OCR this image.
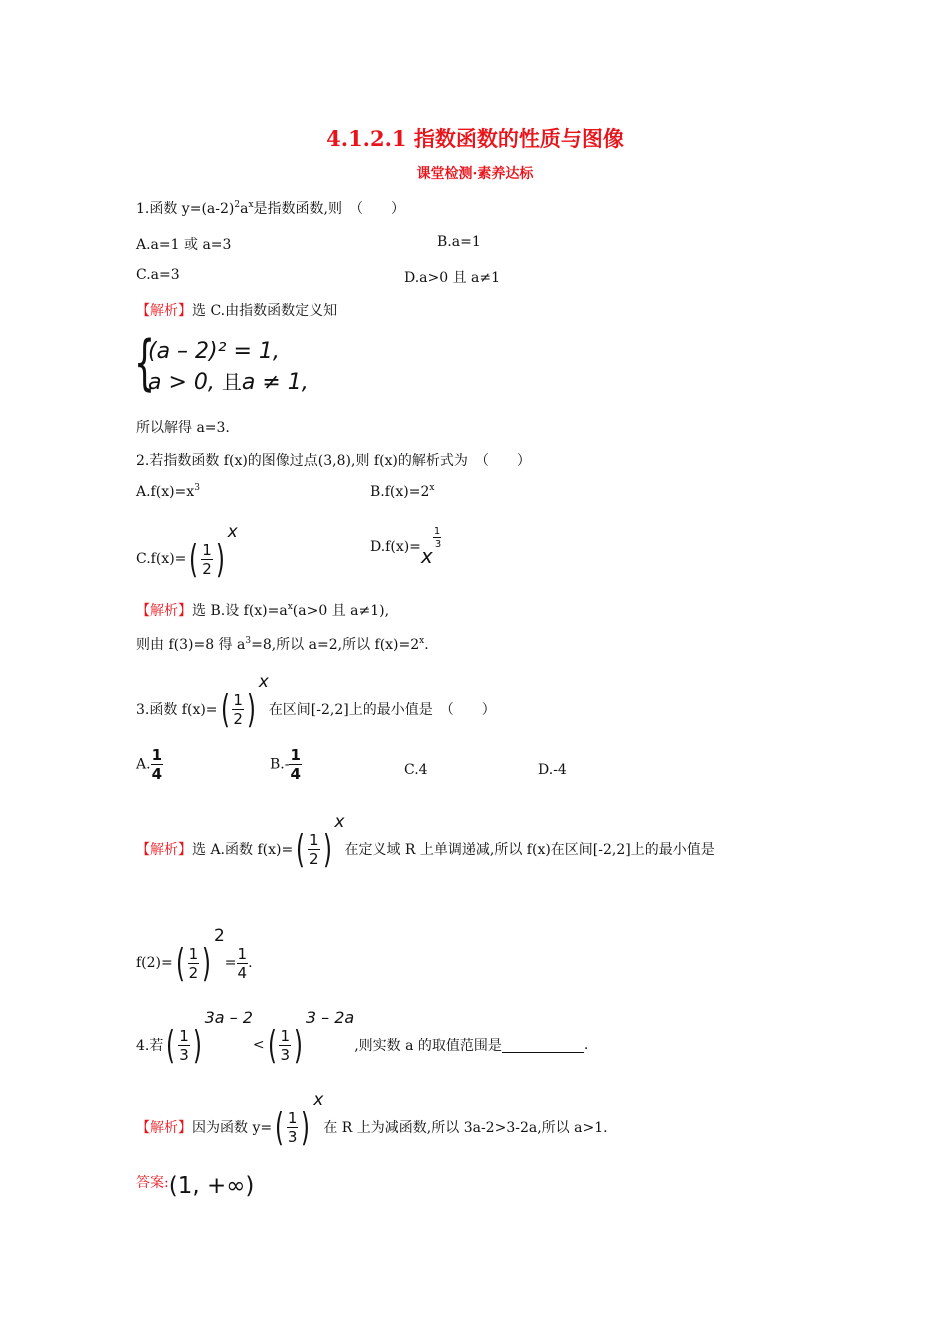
4.1.2.1 指数函数的性质与图像
课堂检测·素养达标
1.函数 $y=(a-2)^2a^x$是指数函数,则　（　　）
A.a=1 或 a=3	B.a=1
C.a=3	D.a>0 且 a≠1
【解析】选 C.由指数函数定义知
{
(a – 2)² = 1,
a > 0, 且a ≠ 1,
所以解得 a=3.
2.若指数函数 f(x)的图像过点(3,8),则 f(x)的解析式为　（　　）
$A.f(x)=x^3$	$B.f(x)=2^x$
$C.f(x)=( \frac{1}{2} )x$
D.f(x)=
1
3
x
【解析】选 B.设 $f(x)=a^x(a>0$ 且 a≠1),
则由 f(3)=8 得 $a^3=8$,所以 a=2,所以 $f(x)=2^x$.
3.函数 $f(x)=( \frac{1}{2} )x$在区间[-2,2]上的最小值是　（　　）
A. $\frac{1}{4}$	$B.- \frac{1}{4}$	C.4	D.-4
【解析】选 A.函数 $f(x)=( \frac{1}{2} )x$在定义域 R 上单调递减,所以 f(x)在区间[-2,2]上的最小值是
$f(2)=( \frac{1}{2} )2= \frac{1}{4}$ .
4.若( $\frac{1}{3} )3a - 2<( \frac{1}{3} )3 - 2a$,则实数 a 的取值范围是	.
【解析】因为函数 $y=( \frac{1}{3} )x$在 R 上为减函数,所以 3a-2>3-2a,所以 a>1.
答案:(1, +∞)
